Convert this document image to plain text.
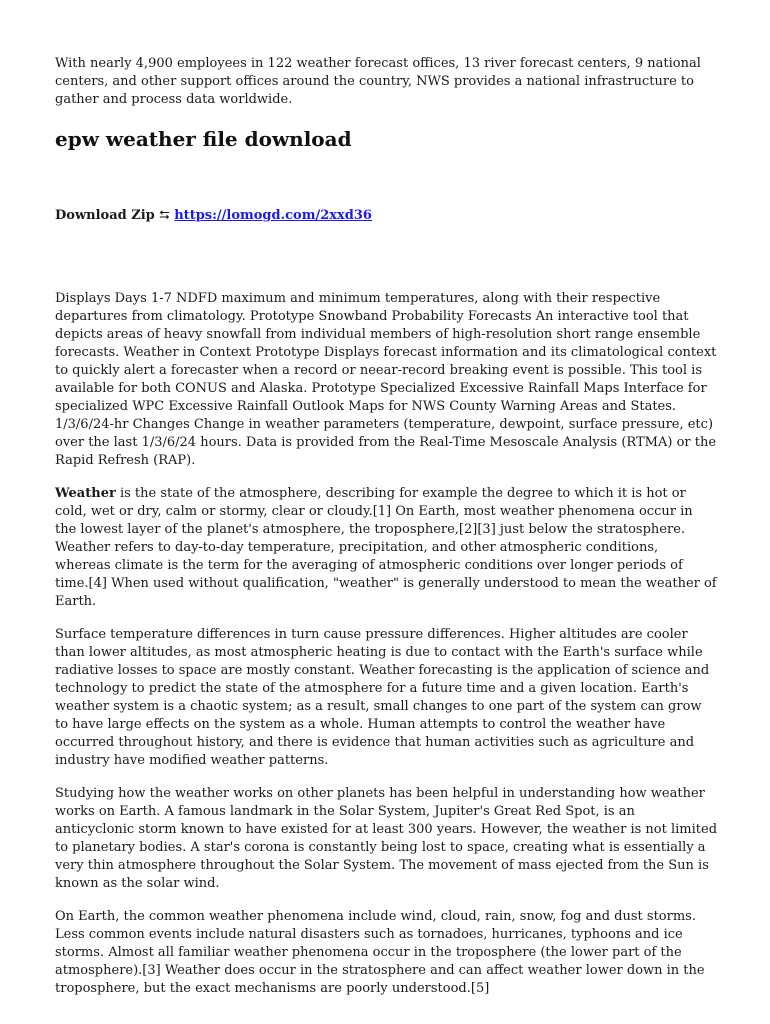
With nearly 4,900 employees in 122 weather forecast offices, 13 river forecast centers, 9 national centers, and other support offices around the country, NWS provides a national infrastructure to gather and process data worldwide.

epw weather file download
Download Zip ⮀ https://lomogd.com/2xxd36

Displays Days 1-7 NDFD maximum and minimum temperatures, along with their respective departures from climatology. Prototype Snowband Probability Forecasts An interactive tool that depicts areas of heavy snowfall from individual members of high-resolution short range ensemble forecasts. Weather in Context Prototype Displays forecast information and its climatological context to quickly alert a forecaster when a record or neear-record breaking event is possible. This tool is available for both CONUS and Alaska. Prototype Specialized Excessive Rainfall Maps Interface for specialized WPC Excessive Rainfall Outlook Maps for NWS County Warning Areas and States. 1/3/6/24-hr Changes Change in weather parameters (temperature, dewpoint, surface pressure, etc) over the last 1/3/6/24 hours. Data is provided from the Real-Time Mesoscale Analysis (RTMA) or the Rapid Refresh (RAP).

Weather is the state of the atmosphere, describing for example the degree to which it is hot or cold, wet or dry, calm or stormy, clear or cloudy.[1] On Earth, most weather phenomena occur in the lowest layer of the planet's atmosphere, the troposphere,[2][3] just below the stratosphere. Weather refers to day-to-day temperature, precipitation, and other atmospheric conditions, whereas climate is the term for the averaging of atmospheric conditions over longer periods of time.[4] When used without qualification, "weather" is generally understood to mean the weather of Earth.

Surface temperature differences in turn cause pressure differences. Higher altitudes are cooler than lower altitudes, as most atmospheric heating is due to contact with the Earth's surface while radiative losses to space are mostly constant. Weather forecasting is the application of science and technology to predict the state of the atmosphere for a future time and a given location. Earth's weather system is a chaotic system; as a result, small changes to one part of the system can grow to have large effects on the system as a whole. Human attempts to control the weather have occurred throughout history, and there is evidence that human activities such as agriculture and industry have modified weather patterns.

Studying how the weather works on other planets has been helpful in understanding how weather works on Earth. A famous landmark in the Solar System, Jupiter's Great Red Spot, is an anticyclonic storm known to have existed for at least 300 years. However, the weather is not limited to planetary bodies. A star's corona is constantly being lost to space, creating what is essentially a very thin atmosphere throughout the Solar System. The movement of mass ejected from the Sun is known as the solar wind.

On Earth, the common weather phenomena include wind, cloud, rain, snow, fog and dust storms. Less common events include natural disasters such as tornadoes, hurricanes, typhoons and ice storms. Almost all familiar weather phenomena occur in the troposphere (the lower part of the atmosphere).[3] Weather does occur in the stratosphere and can affect weather lower down in the troposphere, but the exact mechanisms are poorly understood.[5]
